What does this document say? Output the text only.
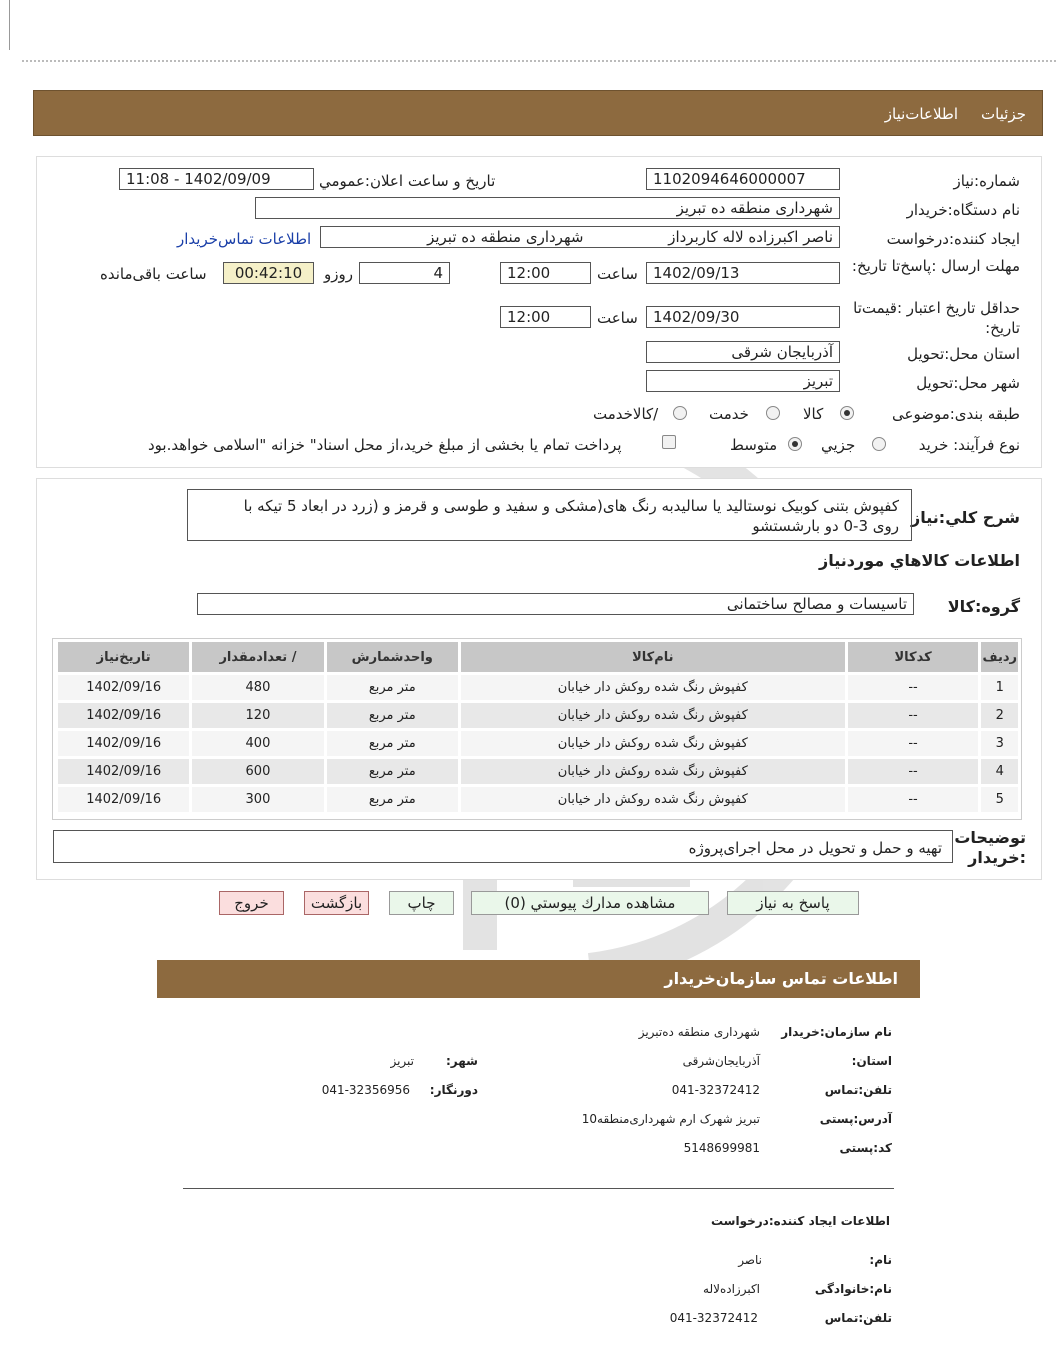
جزئیات
اطلاعات‌نیاز
شماره:نیاز
1102094646000007
تاریخ و ساعت اعلان:عمومي
1402/09/09 - 11:08
نام دستگاه:خریدار
شهرداری منطقه ده تبریز
ایجاد کننده:درخواست
ناصر اکبرزاده لاله کاربرداز شهرداری منطقه ده تبریز
اطلاعات تماس‌خریدار
مهلت ارسال :پاسخ‌تا تاریخ:
1402/09/13
ساعت
12:00
4
روزو
00:42:10
ساعت باقی‌مانده
حداقل تاریخ اعتبار :قیمت‌تا تاریخ:
1402/09/30
ساعت
12:00
استان محل:تحویل
آذربایجان شرقی
شهر محل:تحویل
تبریز
طبقه بندی:موضوعی
کالا
خدمت
/کالاخدمت
نوع فرآیند: خرید
جزیي
متوسط
پرداخت تمام یا بخشی از مبلغ خرید،از محل اسناد" خزانه "اسلامی خواهد.بود
شرح كلي:نیاز
کفپوش بتنی کوبیک نوستالید یا سالیدبه رنگ های(مشکی و سفید و طوسی و قرمز و (زرد در ابعاد 5 تیکه با
روی 3-0 دو بارشستشو
اطلاعات كالاهاي موردنیاز
گروه:كالا
تاسیسات و مصالح ساختمانی
ردیف	كدكالا	نام‌كالا	واحدشمارش	/ تعدادمقدار	تاریخ‌نیاز
1	--	کفپوش رنگ شده روکش دار خیابان	متر مربع	480	1402/09/16
2	--	کفپوش رنگ شده روکش دار خیابان	متر مربع	120	1402/09/16
3	--	کفپوش رنگ شده روکش دار خیابان	متر مربع	400	1402/09/16
4	--	کفپوش رنگ شده روکش دار خیابان	متر مربع	600	1402/09/16
5	--	کفپوش رنگ شده روکش دار خیابان	متر مربع	300	1402/09/16
توضیحات
:خریدار
تهیه و حمل و تحویل در محل اجرای‌پروژه
پاسخ به نیاز
مشاهده مدارك پیوستي (0)
چاپ
بازگشت
خروج
اطلاعات تماس سازمان‌خریدار
نام سازمان:خریدار
شهرداری منطقه ده‌تبریز
استان:
آذربایجان‌شرقی
شهر:
تبریز
تلفن:تماس
041-32372412
دورنگار:
041-32356956
آدرس:پستی
تبریز شهرک ارم شهرداری‌منطقه10
کد:پستی
5148699981
اطلاعات ایجاد کننده:درخواست
نام:
ناصر
نام:خانوادگی
اکبرزاده‌لاله
تلفن:تماس
041-32372412
